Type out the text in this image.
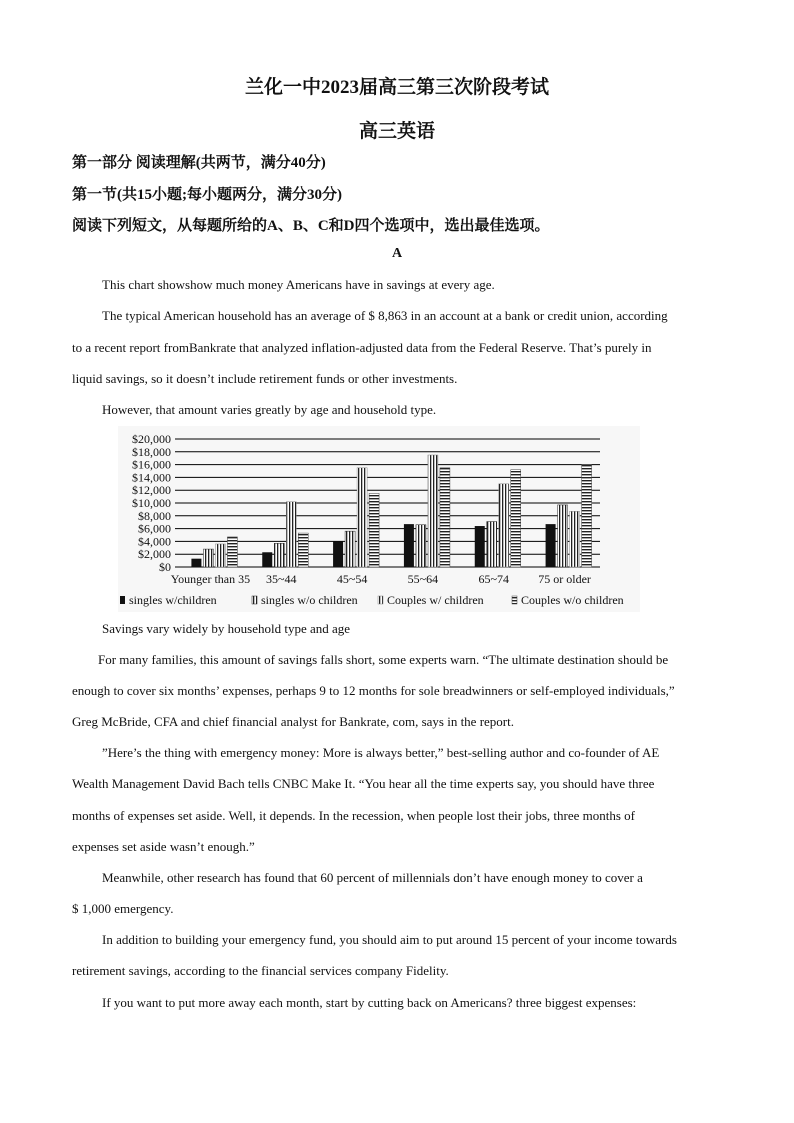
兰化一中2023届高三第三次阶段考试
高三英语
第一部分 阅读理解(共两节，满分40分)
第一节(共15小题;每小题两分，满分30分)
阅读下列短文，从每题所给的A、B、C和D四个选项中，选出最佳选项。
A
This chart showshow much money Americans have in savings at every age.
The typical American household has an average of $ 8,863 in an account at a bank or credit union, according
to a recent report fromBankrate that analyzed inflation-adjusted data from the Federal Reserve. That’s purely in
liquid savings, so it doesn’t include retirement funds or other investments.
However, that amount varies greatly by age and household type.
$0
$2,000
$4,000
$6,000
$8,000
$10,000
$12,000
$14,000
$16,000
$18,000
$20,000
Younger than 35 35~44	45~54	55~64	65~74 75 or older
singles w/children	singles w/o children Couples w/ children	Couples w/o children
Savings vary widely by household type and age
For many families, this amount of savings falls short, some experts warn. “The ultimate destination should be
enough to cover six months’ expenses, perhaps 9 to 12 months for sole breadwinners or self-employed individuals,”
Greg McBride, CFA and chief financial analyst for Bankrate, com, says in the report.
”Here’s the thing with emergency money: More is always better,” best-selling author and co-founder of AE
Wealth Management David Bach tells CNBC Make It. “You hear all the time experts say, you should have three
months of expenses set aside. Well, it depends. In the recession, when people lost their jobs, three months of
expenses set aside wasn’t enough.”
Meanwhile, other research has found that 60 percent of millennials don’t have enough money to cover a
$ 1,000 emergency.
In addition to building your emergency fund, you should aim to put around 15 percent of your income towards
retirement savings, according to the financial services company Fidelity.
If you want to put more away each month, start by cutting back on Americans? three biggest expenses:
